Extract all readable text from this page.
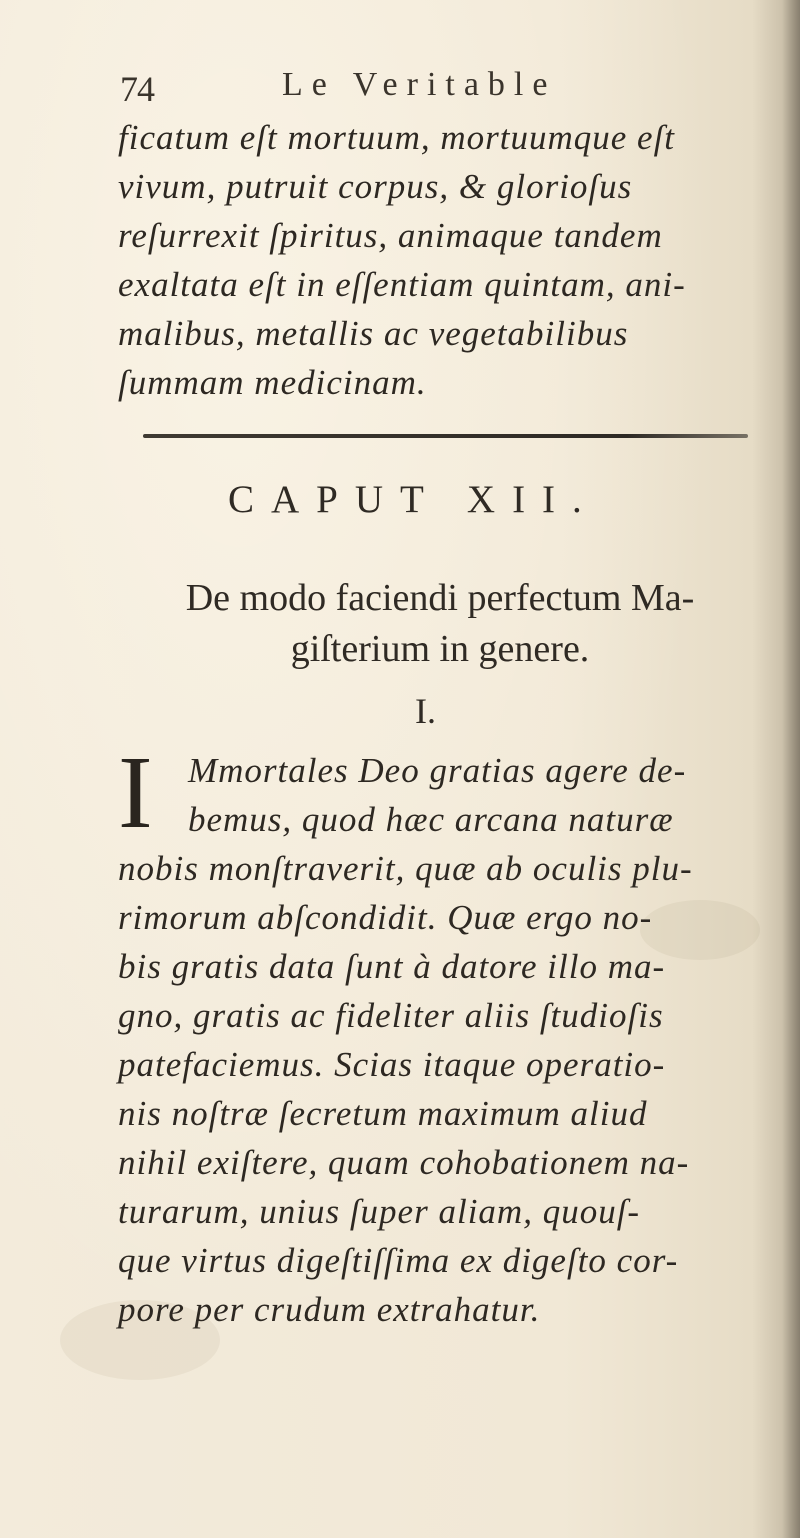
74	Le Veritable
ficatum eſt mortuum, mortuumque eſt
vivum, putruit corpus, & glorioſus
reſurrexit ſpiritus, animaque tandem
exaltata eſt in eſſentiam quintam, ani-
malibus, metallis ac vegetabilibus
ſummam medicinam.
CAPUT XII.
De modo faciendi perfectum Ma-
giſterium in genere.
I.
I Mmortales Deo gratias agere de-
bemus, quod hæc arcana naturæ
nobis monſtraverit, quæ ab oculis plu-
rimorum abſcondidit. Quæ ergo no-
bis gratis data ſunt à datore illo ma-
gno, gratis ac fideliter aliis ſtudioſis
patefaciemus. Scias itaque operatio-
nis noſtræ ſecretum maximum aliud
nihil exiſtere, quam cohobationem na-
turarum, unius ſuper aliam, quouſ-
que virtus digeſtiſſima ex digeſto cor-
pore per crudum extrahatur.
